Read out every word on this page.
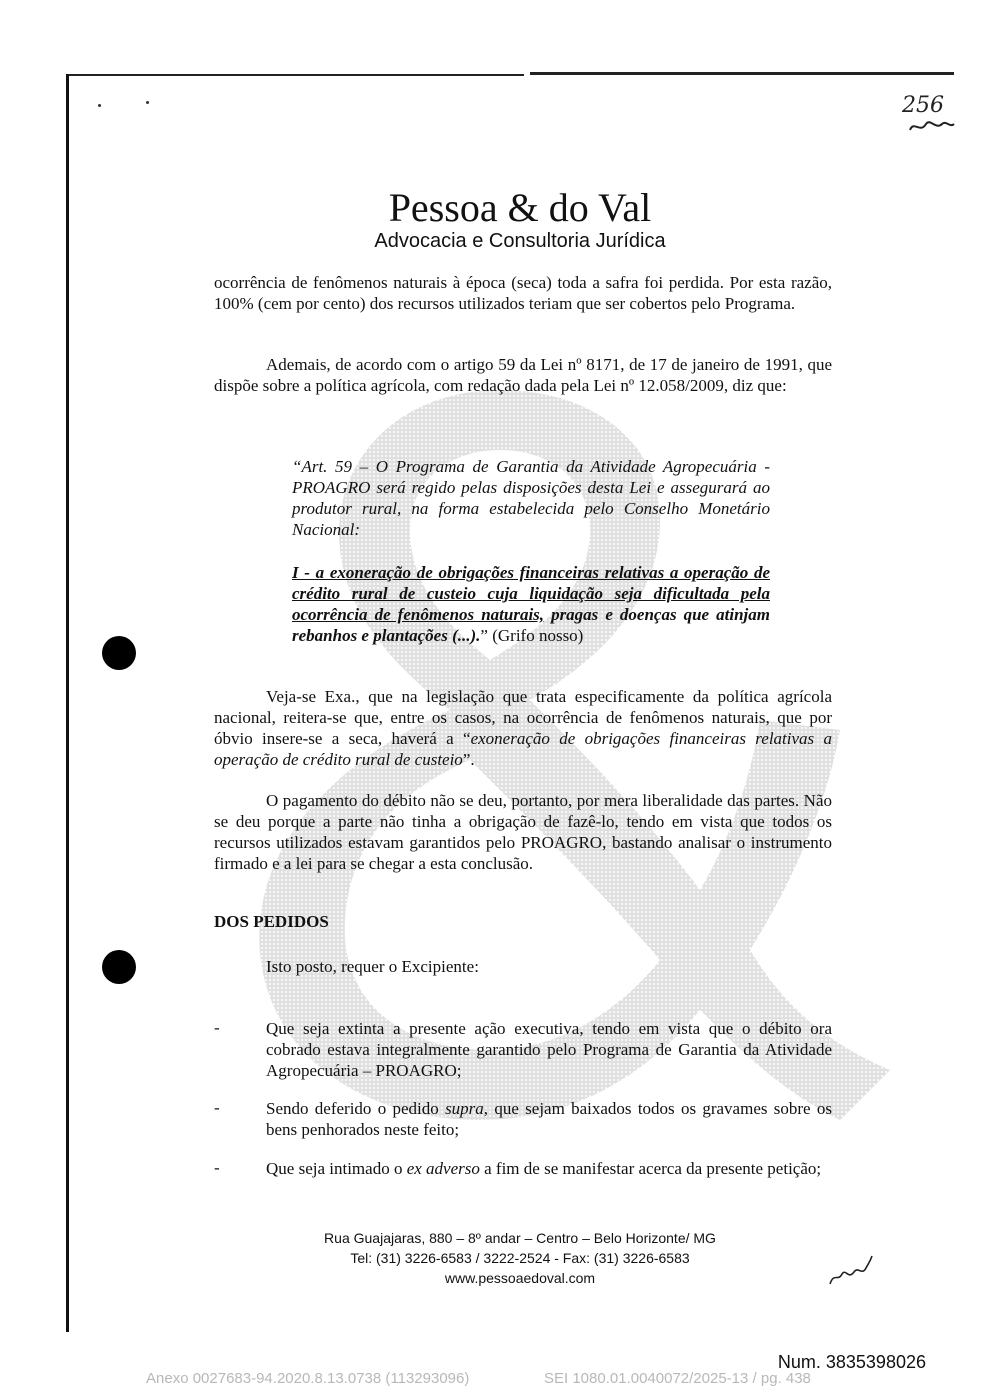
Pessoa & do Val
Advocacia e Consultoria Jurídica
256

ocorrência de fenômenos naturais à época (seca) toda a safra foi perdida. Por esta razão, 100% (cem por cento) dos recursos utilizados teriam que ser cobertos pelo Programa.

Ademais, de acordo com o artigo 59 da Lei nº 8171, de 17 de janeiro de 1991, que dispõe sobre a política agrícola, com redação dada pela Lei nº 12.058/2009, diz que:

“Art. 59 – O Programa de Garantia da Atividade Agropecuária - PROAGRO será regido pelas disposições desta Lei e assegurará ao produtor rural, na forma estabelecida pelo Conselho Monetário Nacional:

I - a exoneração de obrigações financeiras relativas a operação de crédito rural de custeio cuja liquidação seja dificultada pela ocorrência de fenômenos naturais, pragas e doenças que atinjam rebanhos e plantações (...).” (Grifo nosso)

Veja-se Exa., que na legislação que trata especificamente da política agrícola nacional, reitera-se que, entre os casos, na ocorrência de fenômenos naturais, que por óbvio insere-se a seca, haverá a “exoneração de obrigações financeiras relativas a operação de crédito rural de custeio”.

O pagamento do débito não se deu, portanto, por mera liberalidade das partes. Não se deu porque a parte não tinha a obrigação de fazê-lo, tendo em vista que todos os recursos utilizados estavam garantidos pelo PROAGRO, bastando analisar o instrumento firmado e a lei para se chegar a esta conclusão.

DOS PEDIDOS

Isto posto, requer o Excipiente:

-	Que seja extinta a presente ação executiva, tendo em vista que o débito ora cobrado estava integralmente garantido pelo Programa de Garantia da Atividade Agropecuária – PROAGRO;

-	Sendo deferido o pedido supra, que sejam baixados todos os gravames sobre os bens penhorados neste feito;

-	Que seja intimado o ex adverso a fim de se manifestar acerca da presente petição;

Rua Guajajaras, 880 – 8º andar – Centro – Belo Horizonte/ MG
Tel: (31) 3226-6583 / 3222-2524 - Fax: (31) 3226-6583
www.pessoaedoval.com
Num. 3835398026
Anexo 0027683-94.2020.8.13.0738 (113293096)	SEI 1080.01.0040072/2025-13 / pg. 438
